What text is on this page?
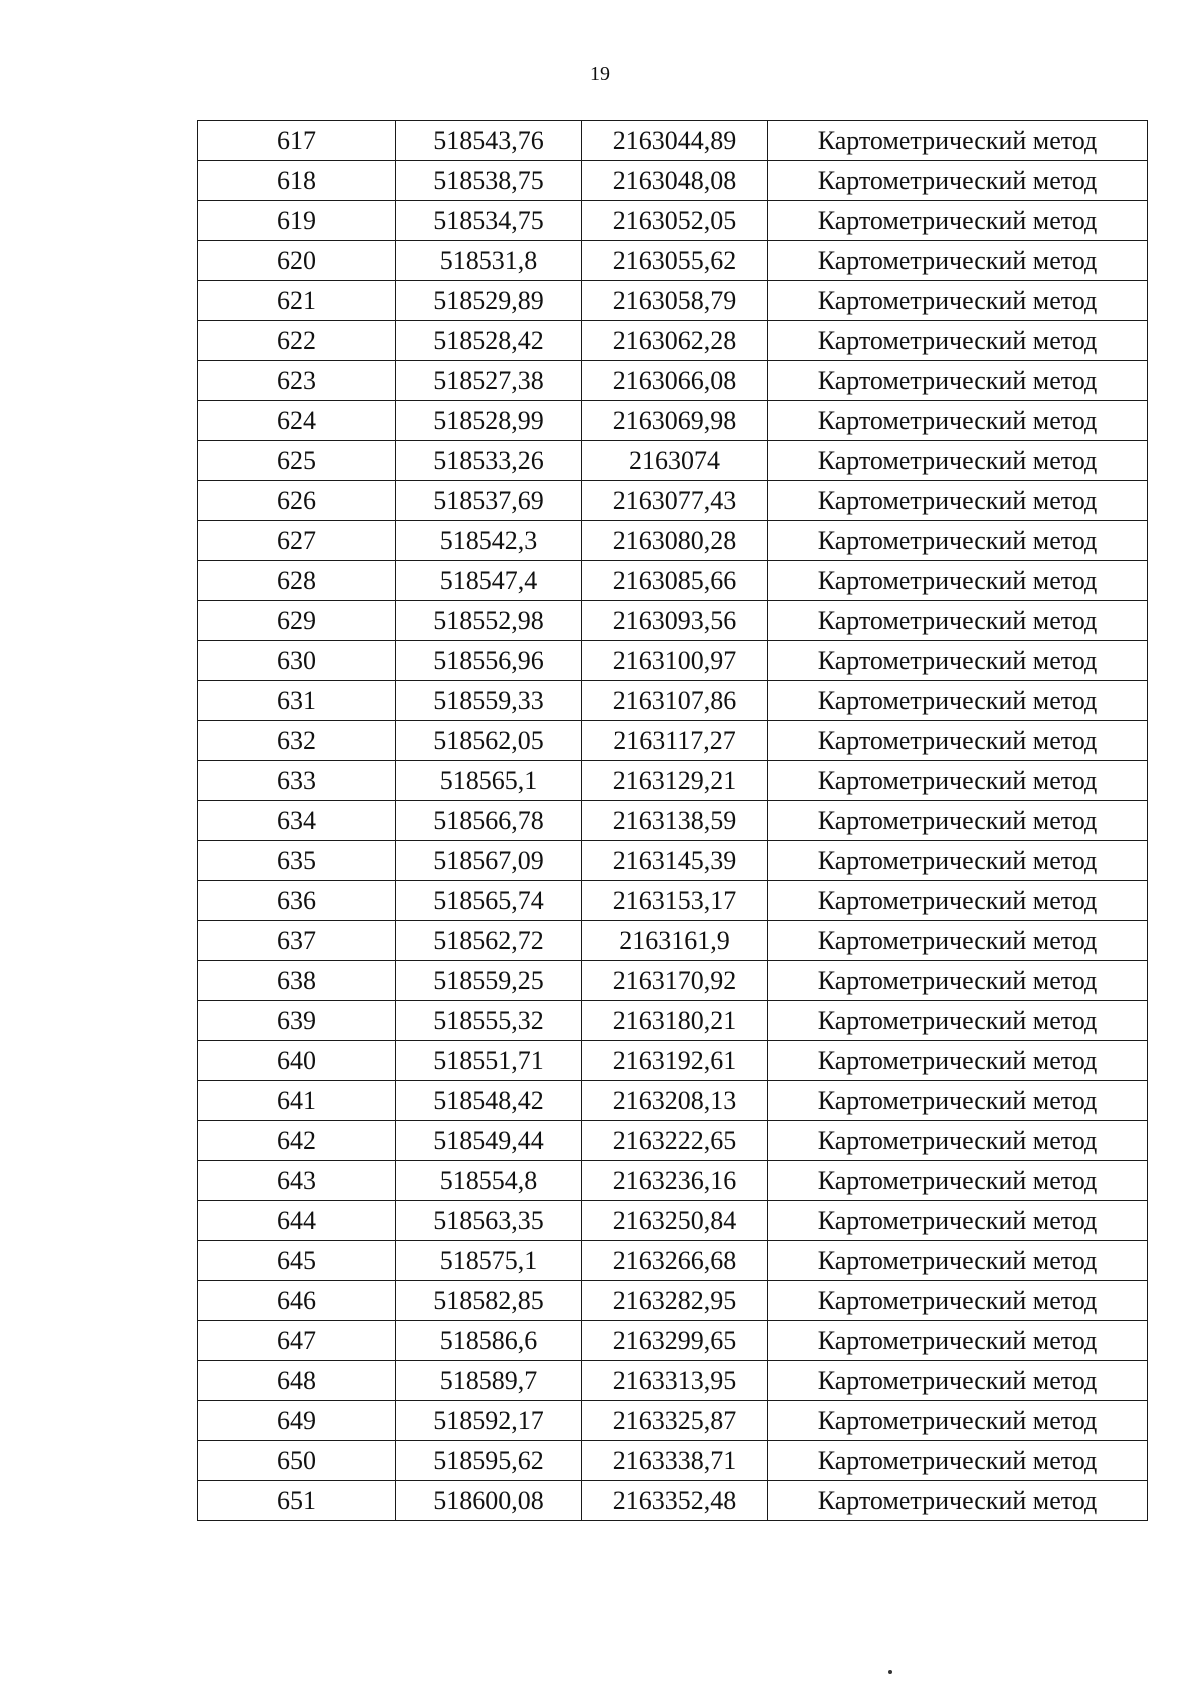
19
617	518543,76	2163044,89	Картометрический метод
618	518538,75	2163048,08	Картометрический метод
619	518534,75	2163052,05	Картометрический метод
620	518531,8	2163055,62	Картометрический метод
621	518529,89	2163058,79	Картометрический метод
622	518528,42	2163062,28	Картометрический метод
623	518527,38	2163066,08	Картометрический метод
624	518528,99	2163069,98	Картометрический метод
625	518533,26	2163074	Картометрический метод
626	518537,69	2163077,43	Картометрический метод
627	518542,3	2163080,28	Картометрический метод
628	518547,4	2163085,66	Картометрический метод
629	518552,98	2163093,56	Картометрический метод
630	518556,96	2163100,97	Картометрический метод
631	518559,33	2163107,86	Картометрический метод
632	518562,05	2163117,27	Картометрический метод
633	518565,1	2163129,21	Картометрический метод
634	518566,78	2163138,59	Картометрический метод
635	518567,09	2163145,39	Картометрический метод
636	518565,74	2163153,17	Картометрический метод
637	518562,72	2163161,9	Картометрический метод
638	518559,25	2163170,92	Картометрический метод
639	518555,32	2163180,21	Картометрический метод
640	518551,71	2163192,61	Картометрический метод
641	518548,42	2163208,13	Картометрический метод
642	518549,44	2163222,65	Картометрический метод
643	518554,8	2163236,16	Картометрический метод
644	518563,35	2163250,84	Картометрический метод
645	518575,1	2163266,68	Картометрический метод
646	518582,85	2163282,95	Картометрический метод
647	518586,6	2163299,65	Картометрический метод
648	518589,7	2163313,95	Картометрический метод
649	518592,17	2163325,87	Картометрический метод
650	518595,62	2163338,71	Картометрический метод
651	518600,08	2163352,48	Картометрический метод
